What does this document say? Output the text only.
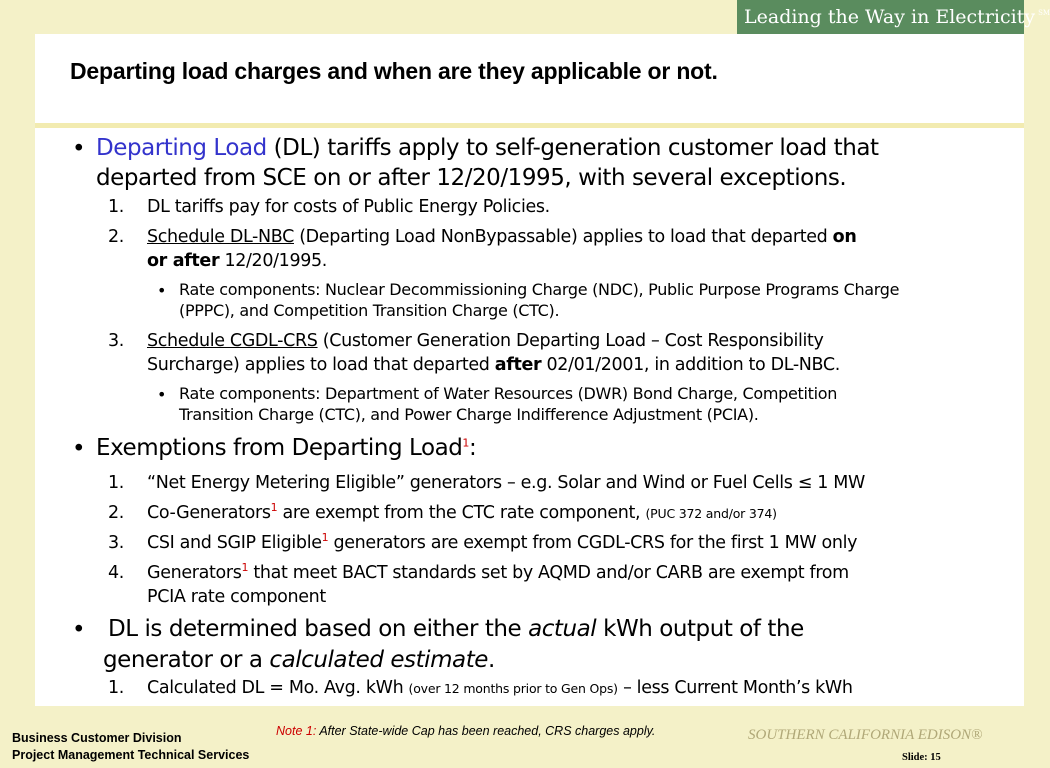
Leading the Way in Electricity ℠
Departing load charges and when are they applicable or not.
• Departing Load (DL) tariffs apply to self-generation customer load that
departed from SCE on or after 12/20/1995, with several exceptions.
1. DL tariffs pay for costs of Public Energy Policies.
2. Schedule DL-NBC (Departing Load NonBypassable) applies to load that departed on
or after 12/20/1995.
• Rate components: Nuclear Decommissioning Charge (NDC), Public Purpose Programs Charge
(PPPC), and Competition Transition Charge (CTC).
3. Schedule CGDL-CRS (Customer Generation Departing Load – Cost Responsibility
Surcharge) applies to load that departed after 02/01/2001, in addition to DL-NBC.
• Rate components: Department of Water Resources (DWR) Bond Charge, Competition
Transition Charge (CTC), and Power Charge Indifference Adjustment (PCIA).
• Exemptions from Departing Load$^1$:
1. “Net Energy Metering Eligible” generators – e.g. Solar and Wind or Fuel Cells ≤ 1 MW
2. Co-Generators$^1$ are exempt from the CTC rate component, (PUC 372 and/or 374)
3. CSI and SGIP Eligible$^1$ generators are exempt from CGDL-CRS for the first 1 MW only
4. Generators$^1$ that meet BACT standards set by AQMD and/or CARB are exempt from
PCIA rate component
• DL is determined based on either the actual kWh output of the
generator or a calculated estimate.
1. Calculated DL = Mo. Avg. kWh (over 12 months prior to Gen Ops) – less Current Month’s kWh
Business Customer Division
Project Management Technical Services
Note 1: After State-wide Cap has been reached, CRS charges apply.	SOUTHERN CALIFORNIA EDISON®
Slide: 15
